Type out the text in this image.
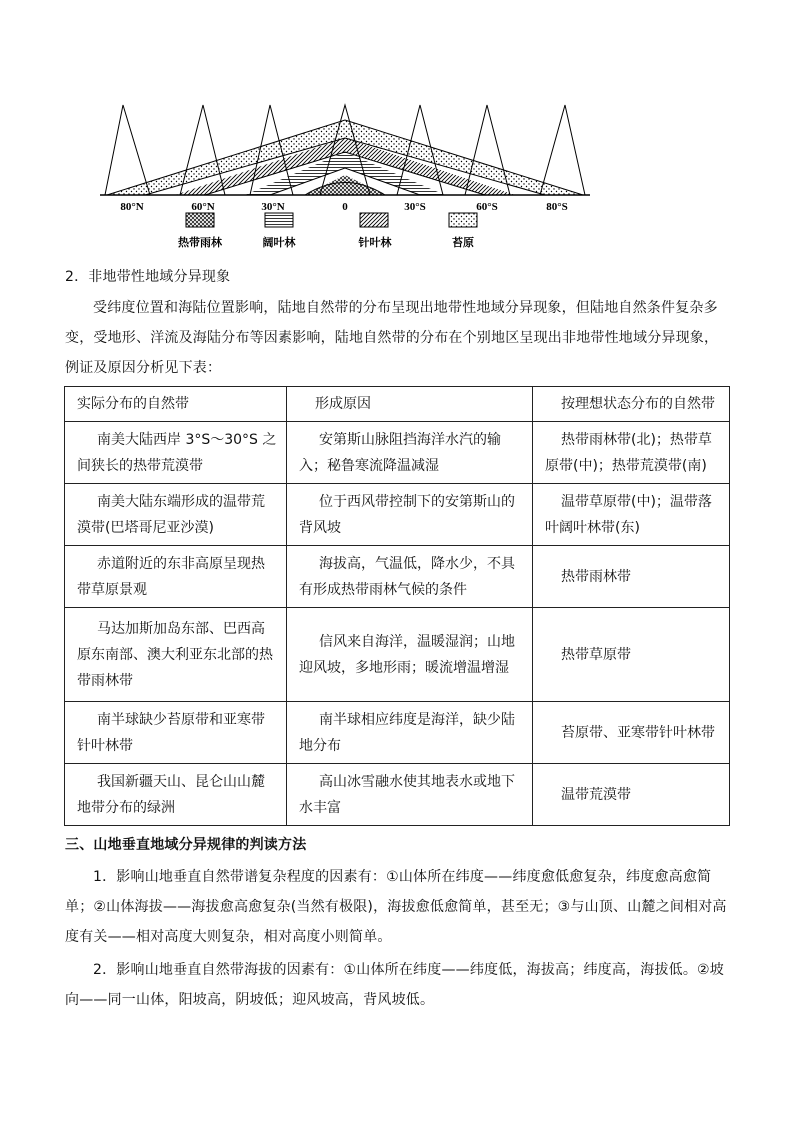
80°N	60°N	30°N	0	30°S	60°S	80°S
热带雨林	阔叶林	针叶林	苔原
2．非地带性地域分异现象
受纬度位置和海陆位置影响，陆地自然带的分布呈现出地带性地域分异现象，但陆地自然条件复杂多变，受地形、洋流及海陆分布等因素影响，陆地自然带的分布在个别地区呈现出非地带性地域分异现象，例证及原因分析见下表：
实际分布的自然带	形成原因	按理想状态分布的自然带

南美大陆西岸 3°S～30°S 之间狭长的热带荒漠带	安第斯山脉阻挡海洋水汽的输入；秘鲁寒流降温减湿	热带雨林带(北)；热带草原带(中)；热带荒漠带(南)

南美大陆东端形成的温带荒漠带(巴塔哥尼亚沙漠)	位于西风带控制下的安第斯山的背风坡	温带草原带(中)；温带落叶阔叶林带(东)

赤道附近的东非高原呈现热带草原景观	海拔高，气温低，降水少，不具有形成热带雨林气候的条件	热带雨林带

马达加斯加岛东部、巴西高原东南部、澳大利亚东北部的热带雨林带	信风来自海洋，温暖湿润；山地迎风坡，多地形雨；暖流增温增湿	热带草原带

南半球缺少苔原带和亚寒带针叶林带	南半球相应纬度是海洋，缺少陆地分布	苔原带、亚寒带针叶林带

我国新疆天山、昆仑山山麓地带分布的绿洲	高山冰雪融水使其地表水或地下水丰富	温带荒漠带

三、山地垂直地域分异规律的判读方法
1．影响山地垂直自然带谱复杂程度的因素有：①山体所在纬度——纬度愈低愈复杂，纬度愈高愈简单；②山体海拔——海拔愈高愈复杂(当然有极限)，海拔愈低愈简单，甚至无；③与山顶、山麓之间相对高度有关——相对高度大则复杂，相对高度小则简单。
2．影响山地垂直自然带海拔的因素有：①山体所在纬度——纬度低，海拔高；纬度高，海拔低。②坡向——同一山体，阳坡高，阴坡低；迎风坡高，背风坡低。
